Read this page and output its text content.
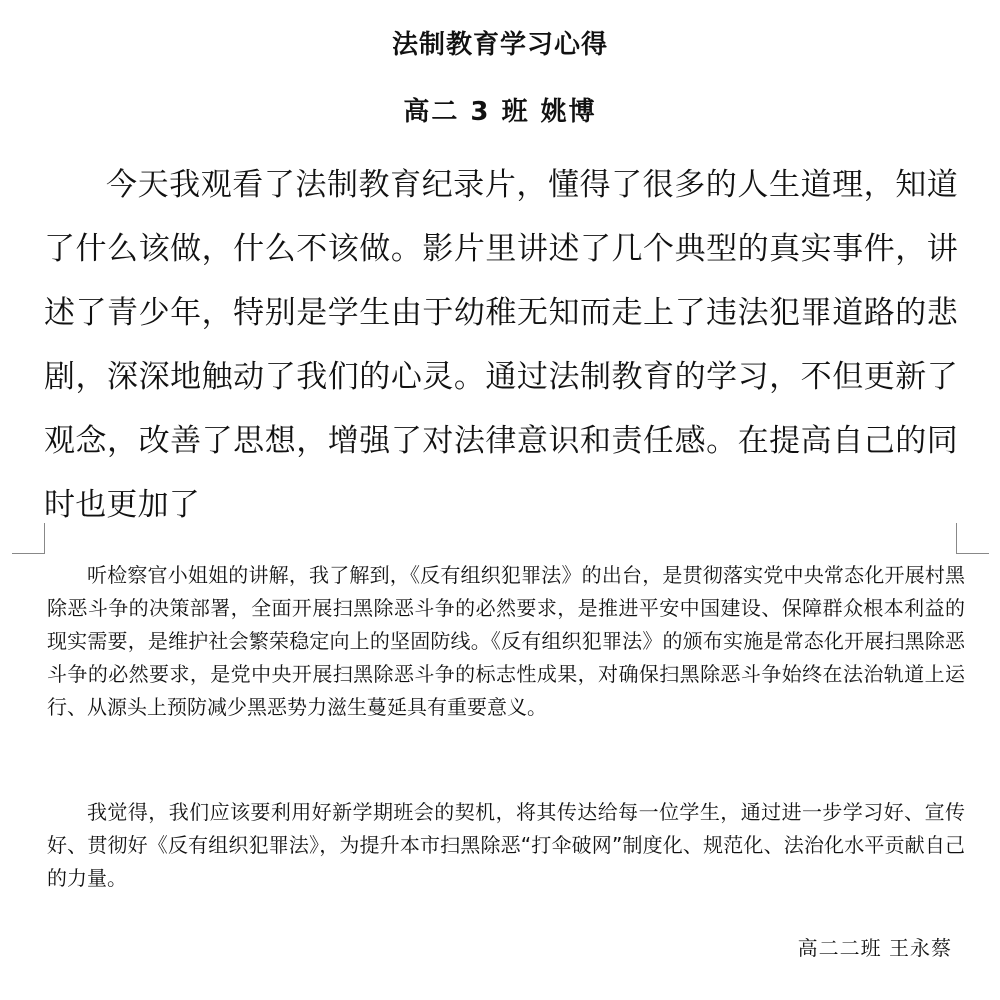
法制教育学习心得
高二 3 班 姚博

今天我观看了法制教育纪录片，懂得了很多的人生道理，知道了什么该做，什么不该做。影片里讲述了几个典型的真实事件，讲述了青少年，特别是学生由于幼稚无知而走上了违法犯罪道路的悲剧，深深地触动了我们的心灵。通过法制教育的学习，不但更新了观念，改善了思想，增强了对法律意识和责任感。在提高自己的同时也更加了

听检察官小姐姐的讲解，我了解到，《反有组织犯罪法》的出台，是贯彻落实党中央常态化开展村黑除恶斗争的决策部署，全面开展扫黑除恶斗争的必然要求，是推进平安中国建设、保障群众根本利益的现实需要，是维护社会繁荣稳定向上的坚固防线。《反有组织犯罪法》的颁布实施是常态化开展扫黑除恶斗争的必然要求，是党中央开展扫黑除恶斗争的标志性成果，对确保扫黑除恶斗争始终在法治轨道上运行、从源头上预防减少黑恶势力滋生蔓延具有重要意义。

我觉得，我们应该要利用好新学期班会的契机，将其传达给每一位学生，通过进一步学习好、宣传好、贯彻好《反有组织犯罪法》，为提升本市扫黑除恶“打伞破网”制度化、规范化、法治化水平贡献自己的力量。

高二二班 王永蔡
